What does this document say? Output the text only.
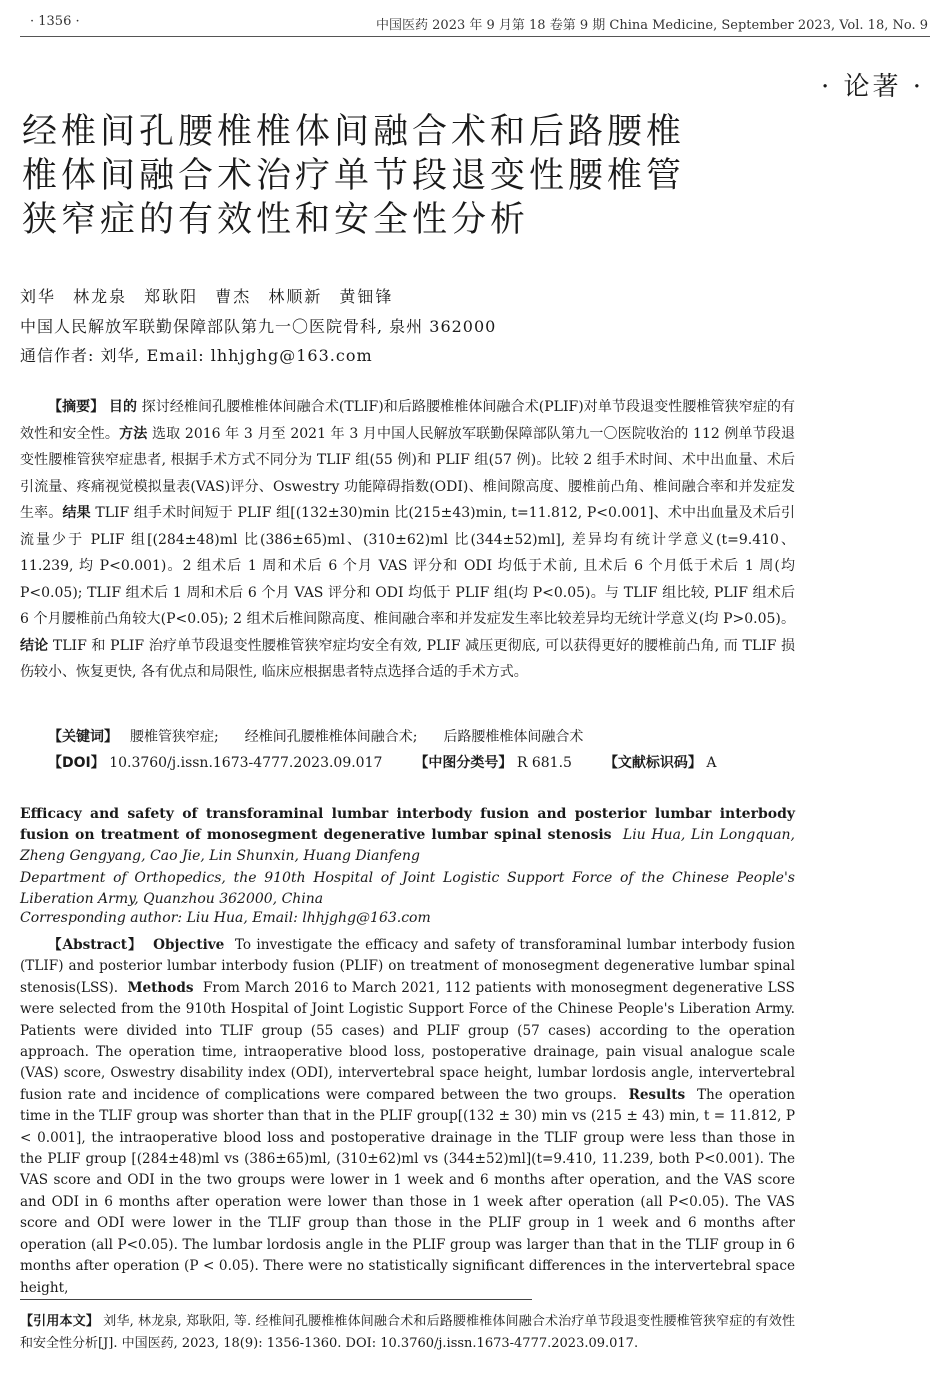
· 1356 ·	中国医药 2023 年 9 月第 18 卷第 9 期 China Medicine, September 2023, Vol. 18, No. 9
· 论著 ·
经椎间孔腰椎椎体间融合术和后路腰椎
椎体间融合术治疗单节段退变性腰椎管
狭窄症的有效性和安全性分析
刘华 林龙泉 郑耿阳 曹杰 林顺新 黄钿锋
中国人民解放军联勤保障部队第九一〇医院骨科, 泉州 362000
通信作者: 刘华, Email: lhhjghg@163.com

【摘要】 目的 探讨经椎间孔腰椎椎体间融合术(TLIF)和后路腰椎椎体间融合术(PLIF)对单节段退变性腰椎管狭窄症的有效性和安全性。方法 选取 2016 年 3 月至 2021 年 3 月中国人民解放军联勤保障部队第九一〇医院收治的 112 例单节段退变性腰椎管狭窄症患者, 根据手术方式不同分为 TLIF 组(55 例)和 PLIF 组(57 例)。比较 2 组手术时间、术中出血量、术后引流量、疼痛视觉模拟量表(VAS)评分、Oswestry 功能障碍指数(ODI)、椎间隙高度、腰椎前凸角、椎间融合率和并发症发生率。结果 TLIF 组手术时间短于 PLIF 组[(132±30)min 比(215±43)min, t=11.812, P<0.001]、术中出血量及术后引流量少于 PLIF 组[(284±48)ml 比(386±65)ml、(310±62)ml 比(344±52)ml], 差异均有统计学意义(t=9.410、11.239, 均 P<0.001)。2 组术后 1 周和术后 6 个月 VAS 评分和 ODI 均低于术前, 且术后 6 个月低于术后 1 周(均 P<0.05); TLIF 组术后 1 周和术后 6 个月 VAS 评分和 ODI 均低于 PLIF 组(均 P<0.05)。与 TLIF 组比较, PLIF 组术后 6 个月腰椎前凸角较大(P<0.05); 2 组术后椎间隙高度、椎间融合率和并发症发生率比较差异均无统计学意义(均 P>0.05)。结论 TLIF 和 PLIF 治疗单节段退变性腰椎管狭窄症均安全有效, PLIF 减压更彻底, 可以获得更好的腰椎前凸角, 而 TLIF 损伤较小、恢复更快, 各有优点和局限性, 临床应根据患者特点选择合适的手术方式。

【关键词】 腰椎管狭窄症; 经椎间孔腰椎椎体间融合术; 后路腰椎椎体间融合术
【DOI】 10.3760/j.issn.1673-4777.2023.09.017 【中图分类号】 R 681.5 【文献标识码】 A

Efficacy and safety of transforaminal lumbar interbody fusion and posterior lumbar interbody fusion on treatment of monosegment degenerative lumbar spinal stenosis Liu Hua, Lin Longquan, Zheng Gengyang, Cao Jie, Lin Shunxin, Huang Dianfeng

Department of Orthopedics, the 910th Hospital of Joint Logistic Support Force of the Chinese People's Liberation Army, Quanzhou 362000, China

Corresponding author: Liu Hua, Email: lhhjghg@163.com

【Abstract】 Objective To investigate the efficacy and safety of transforaminal lumbar interbody fusion (TLIF) and posterior lumbar interbody fusion (PLIF) on treatment of monosegment degenerative lumbar spinal stenosis(LSS). Methods From March 2016 to March 2021, 112 patients with monosegment degenerative LSS were selected from the 910th Hospital of Joint Logistic Support Force of the Chinese People's Liberation Army. Patients were divided into TLIF group (55 cases) and PLIF group (57 cases) according to the operation approach. The operation time, intraoperative blood loss, postoperative drainage, pain visual analogue scale (VAS) score, Oswestry disability index (ODI), intervertebral space height, lumbar lordosis angle, intervertebral fusion rate and incidence of complications were compared between the two groups. Results The operation time in the TLIF group was shorter than that in the PLIF group[(132 ± 30) min vs (215 ± 43) min, t = 11.812, P < 0.001], the intraoperative blood loss and postoperative drainage in the TLIF group were less than those in the PLIF group [(284±48)ml vs (386±65)ml, (310±62)ml vs (344±52)ml](t=9.410, 11.239, both P<0.001). The VAS score and ODI in the two groups were lower in 1 week and 6 months after operation, and the VAS score and ODI in 6 months after operation were lower than those in 1 week after operation (all P<0.05). The VAS score and ODI were lower in the TLIF group than those in the PLIF group in 1 week and 6 months after operation (all P<0.05). The lumbar lordosis angle in the PLIF group was larger than that in the TLIF group in 6 months after operation (P < 0.05). There were no statistically significant differences in the intervertebral space height,

【引用本文】 刘华, 林龙泉, 郑耿阳, 等. 经椎间孔腰椎椎体间融合术和后路腰椎椎体间融合术治疗单节段退变性腰椎管狭窄症的有效性和安全性分析[J]. 中国医药, 2023, 18(9): 1356-1360. DOI: 10.3760/j.issn.1673-4777.2023.09.017.
